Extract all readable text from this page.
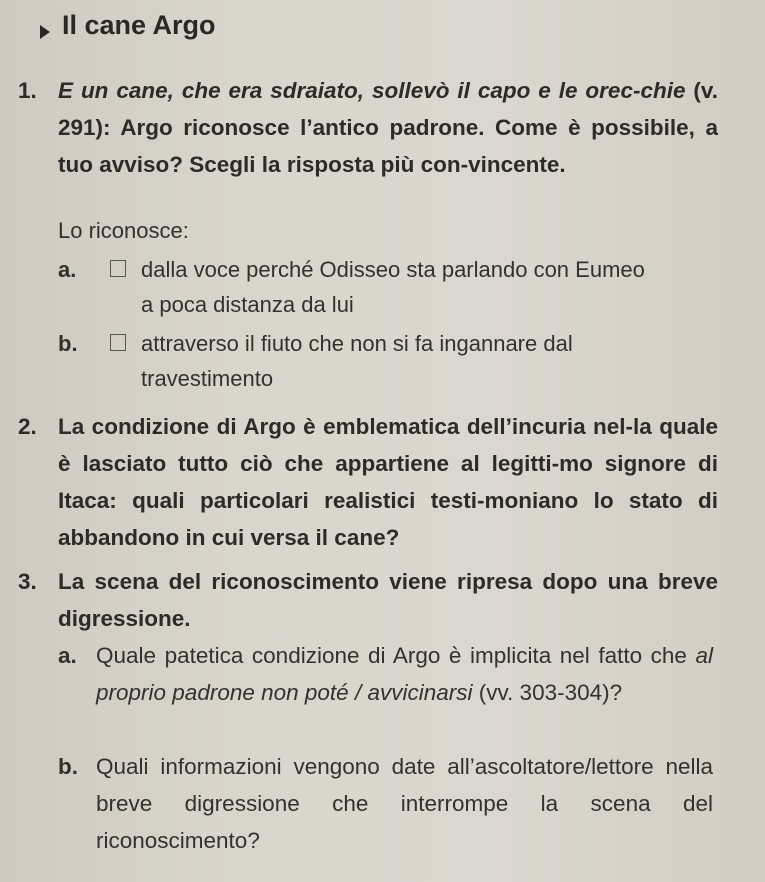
Il cane Argo
1. E un cane, che era sdraiato, sollevò il capo e le orec-chie (v. 291): Argo riconosce l’antico padrone. Come è possibile, a tuo avviso? Scegli la risposta più con-vincente.
Lo riconosce:
a.	dalla voce perché Odisseo sta parlando con Eumeo a poca distanza da lui
b.	attraverso il fiuto che non si fa ingannare dal travestimento
2. La condizione di Argo è emblematica dell’incuria nel-la quale è lasciato tutto ciò che appartiene al legitti-mo signore di Itaca: quali particolari realistici testi-moniano lo stato di abbandono in cui versa il cane?
3. La scena del riconoscimento viene ripresa dopo una breve digressione.
a. Quale patetica condizione di Argo è implicita nel fatto che al proprio padrone non poté / avvicinarsi (vv. 303-304)?
b. Quali informazioni vengono date all’ascoltatore/lettore nella breve digressione che interrompe la scena del riconoscimento?
